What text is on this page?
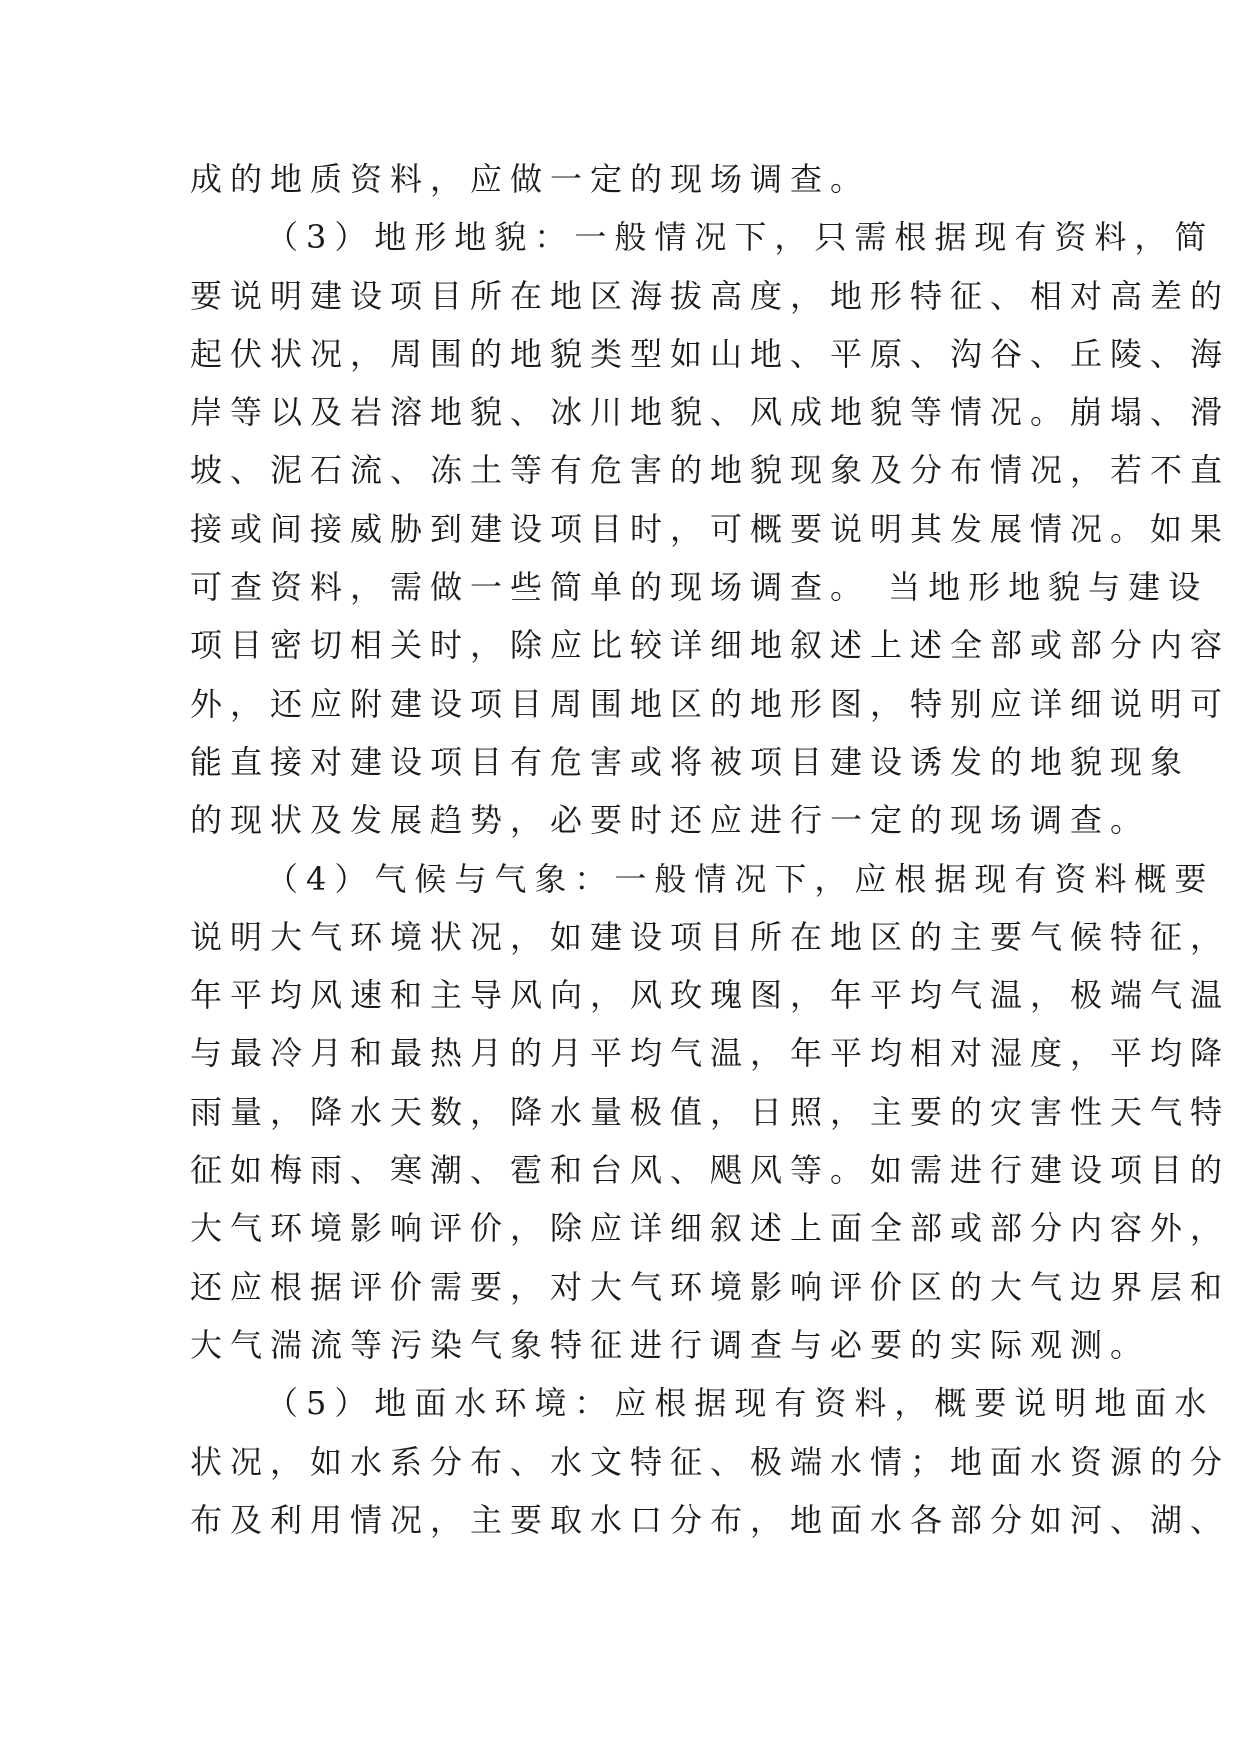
成的地质资料，应做一定的现场调查。
（3）地形地貌：一般情况下，只需根据现有资料，简
要说明建设项目所在地区海拔高度，地形特征、相对高差的
起伏状况，周围的地貌类型如山地、平原、沟谷、丘陵、海
岸等以及岩溶地貌、冰川地貌、风成地貌等情况。崩塌、滑
坡、泥石流、冻土等有危害的地貌现象及分布情况，若不直
接或间接威胁到建设项目时，可概要说明其发展情况。如果
可查资料，需做一些简单的现场调查。 当地形地貌与建设
项目密切相关时，除应比较详细地叙述上述全部或部分内容
外，还应附建设项目周围地区的地形图，特别应详细说明可
能直接对建设项目有危害或将被项目建设诱发的地貌现象
的现状及发展趋势，必要时还应进行一定的现场调查。
（4）气候与气象：一般情况下，应根据现有资料概要
说明大气环境状况，如建设项目所在地区的主要气候特征，
年平均风速和主导风向，风玫瑰图，年平均气温，极端气温
与最冷月和最热月的月平均气温，年平均相对湿度，平均降
雨量，降水天数，降水量极值，日照，主要的灾害性天气特
征如梅雨、寒潮、雹和台风、飓风等。如需进行建设项目的
大气环境影响评价，除应详细叙述上面全部或部分内容外，
还应根据评价需要，对大气环境影响评价区的大气边界层和
大气湍流等污染气象特征进行调查与必要的实际观测。
（5）地面水环境：应根据现有资料，概要说明地面水
状况，如水系分布、水文特征、极端水情；地面水资源的分
布及利用情况，主要取水口分布，地面水各部分如河、湖、
